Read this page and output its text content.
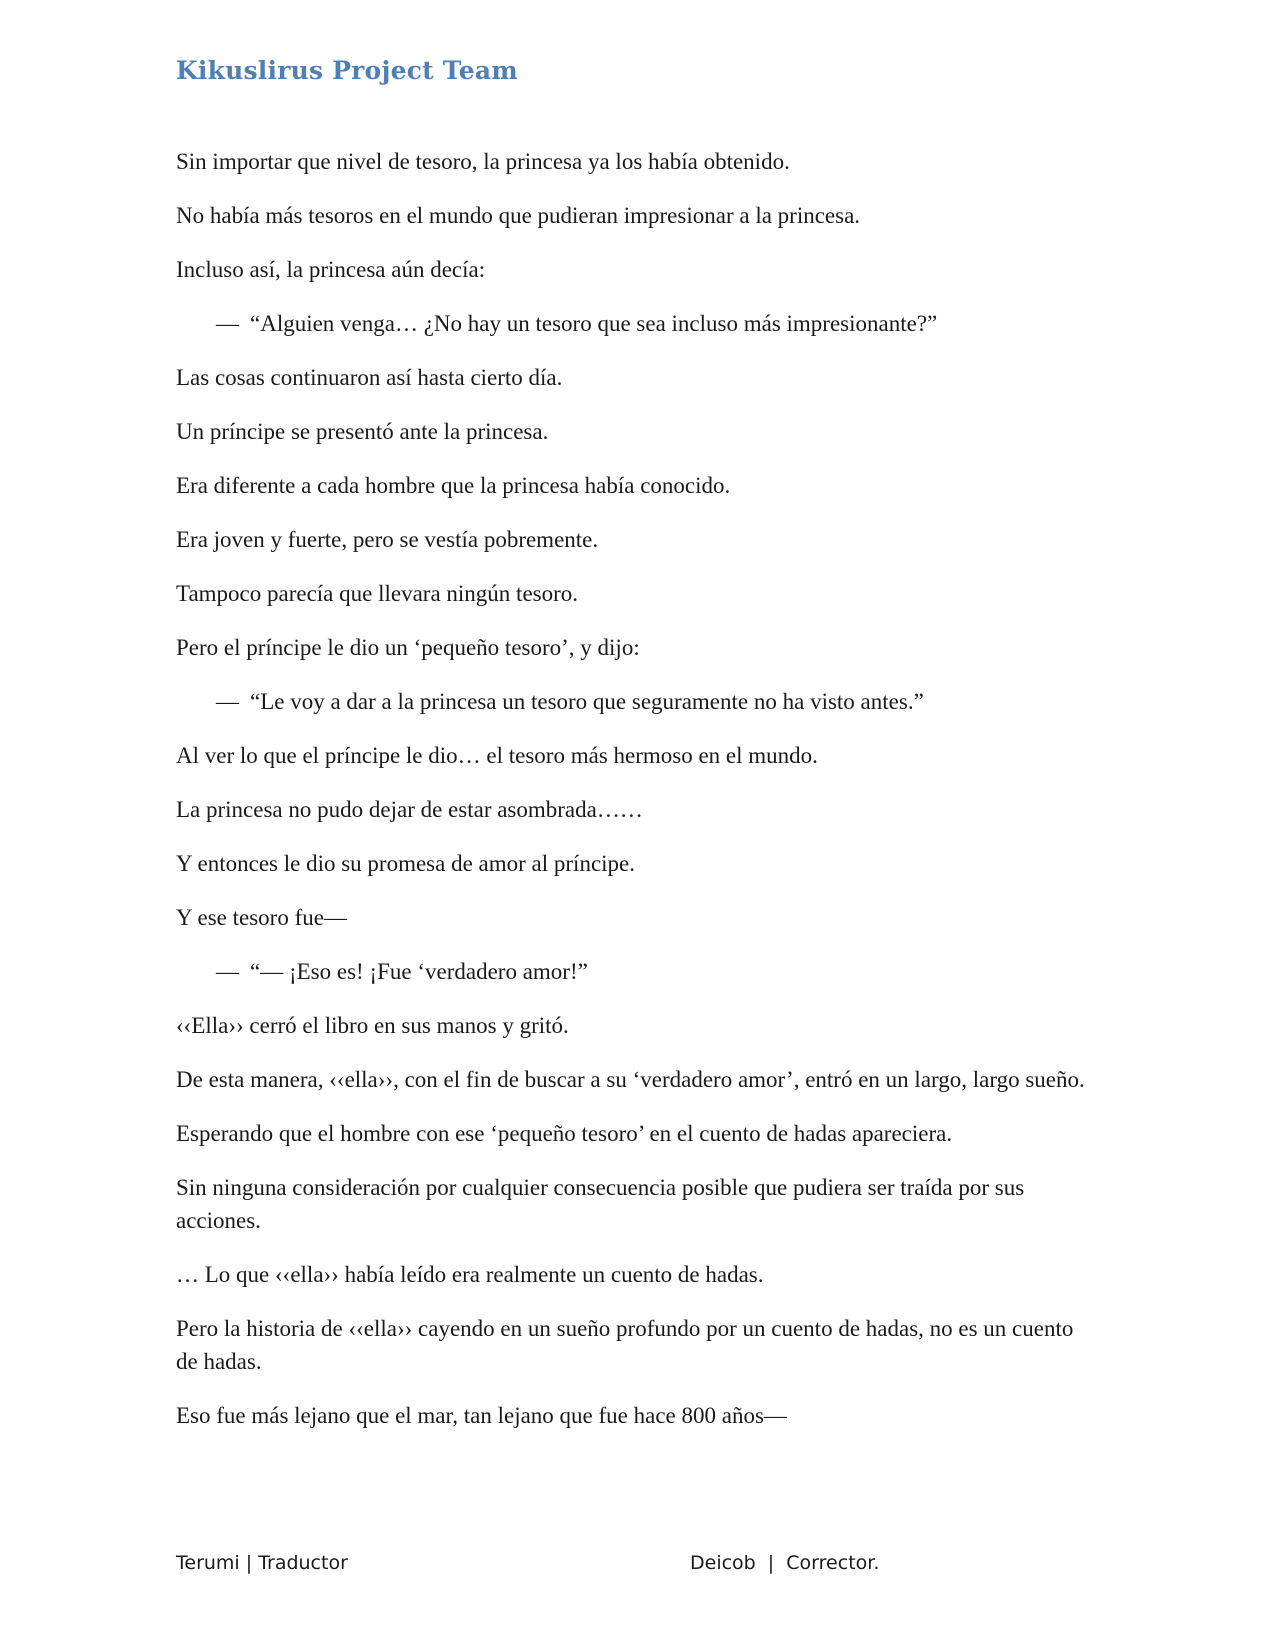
Kikuslirus Project Team

Sin importar que nivel de tesoro, la princesa ya los había obtenido.

No había más tesoros en el mundo que pudieran impresionar a la princesa.

Incluso así, la princesa aún decía:

— “Alguien venga… ¿No hay un tesoro que sea incluso más impresionante?”

Las cosas continuaron así hasta cierto día.

Un príncipe se presentó ante la princesa.

Era diferente a cada hombre que la princesa había conocido.

Era joven y fuerte, pero se vestía pobremente.

Tampoco parecía que llevara ningún tesoro.

Pero el príncipe le dio un ‘pequeño tesoro’, y dijo:

— “Le voy a dar a la princesa un tesoro que seguramente no ha visto antes.”

Al ver lo que el príncipe le dio… el tesoro más hermoso en el mundo.

La princesa no pudo dejar de estar asombrada……

Y entonces le dio su promesa de amor al príncipe.

Y ese tesoro fue—

— “— ¡Eso es! ¡Fue ‘verdadero amor!”

‹‹Ella›› cerró el libro en sus manos y gritó.

De esta manera, ‹‹ella››, con el fin de buscar a su ‘verdadero amor’, entró en un largo, largo sueño.

Esperando que el hombre con ese ‘pequeño tesoro’ en el cuento de hadas apareciera.

Sin ninguna consideración por cualquier consecuencia posible que pudiera ser traída por sus acciones.

… Lo que ‹‹ella›› había leído era realmente un cuento de hadas.

Pero la historia de ‹‹ella›› cayendo en un sueño profundo por un cuento de hadas, no es un cuento de hadas.

Eso fue más lejano que el mar, tan lejano que fue hace 800 años—

Terumi | Traductor	Deicob  |  Corrector.
